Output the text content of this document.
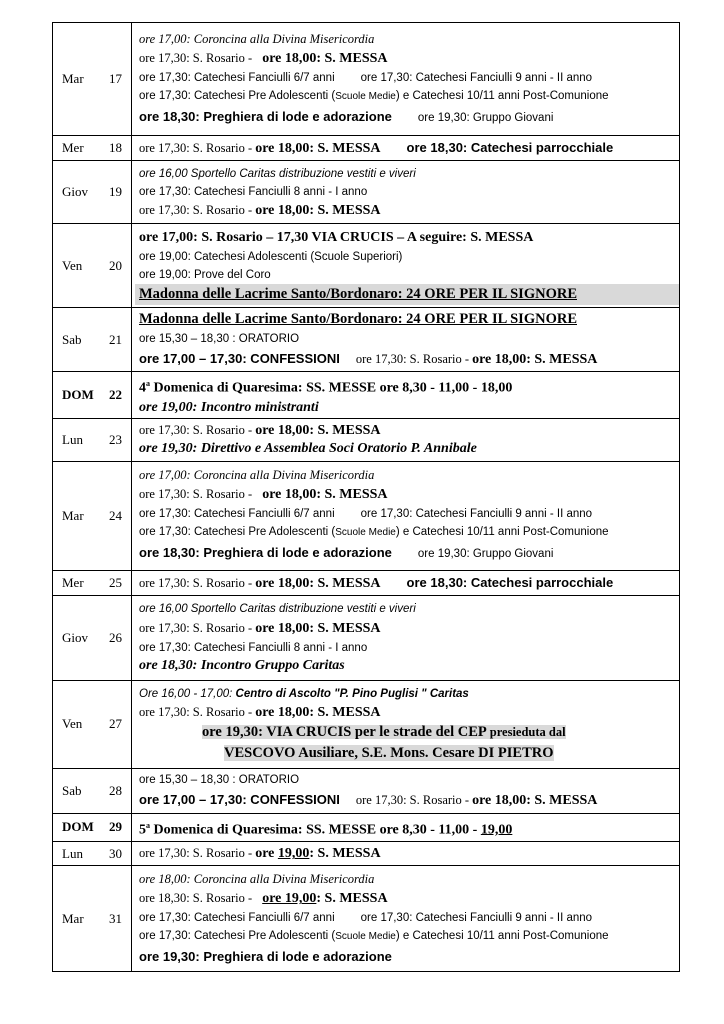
Mar 17	ore 17,00: Coroncina alla Divina Misericordia
ore 17,30: S. Rosario - ore 18,00: S. MESSA
ore 17,30: Catechesi Fanciulli 6/7 anni ore 17,30: Catechesi Fanciulli 9 anni - II anno
ore 17,30: Catechesi Pre Adolescenti (Scuole Medie) e Catechesi 10/11 anni Post-Comunione
ore 18,30: Preghiera di lode e adorazione ore 19,30: Gruppo Giovani

Mer 18	ore 17,30: S. Rosario - ore 18,00: S. MESSA ore 18,30: Catechesi parrocchiale

Giov 19	ore 16,00 Sportello Caritas distribuzione vestiti e viveri
ore 17,30: Catechesi Fanciulli 8 anni - I anno
ore 17,30: S. Rosario - ore 18,00: S. MESSA

Ven 20	ore 17,00: S. Rosario – 17,30 VIA CRUCIS – A seguire: S. MESSA
ore 19,00: Catechesi Adolescenti (Scuole Superiori)
ore 19,00: Prove del Coro
Madonna delle Lacrime Santo/Bordonaro: 24 ORE PER IL SIGNORE

Sab 21	Madonna delle Lacrime Santo/Bordonaro: 24 ORE PER IL SIGNORE
ore 15,30 – 18,30 : ORATORIO
ore 17,00 – 17,30: CONFESSIONI ore 17,30: S. Rosario - ore 18,00: S. MESSA

DOM 22	4$^a$ Domenica di Quaresima: SS. MESSE ore 8,30 - 11,00 - 18,00
ore 19,00: Incontro ministranti

Lun 23	ore 17,30: S. Rosario - ore 18,00: S. MESSA
ore 19,30: Direttivo e Assemblea Soci Oratorio P. Annibale

Mar 24	ore 17,00: Coroncina alla Divina Misericordia
ore 17,30: S. Rosario - ore 18,00: S. MESSA
ore 17,30: Catechesi Fanciulli 6/7 anni ore 17,30: Catechesi Fanciulli 9 anni - II anno
ore 17,30: Catechesi Pre Adolescenti (Scuole Medie) e Catechesi 10/11 anni Post-Comunione
ore 18,30: Preghiera di lode e adorazione ore 19,30: Gruppo Giovani

Mer 25	ore 17,30: S. Rosario - ore 18,00: S. MESSA ore 18,30: Catechesi parrocchiale

Giov 26	ore 16,00 Sportello Caritas distribuzione vestiti e viveri
ore 17,30: S. Rosario - ore 18,00: S. MESSA
ore 17,30: Catechesi Fanciulli 8 anni - I anno
ore 18,30: Incontro Gruppo Caritas

Ven 27	Ore 16,00 - 17,00: Centro di Ascolto "P. Pino Puglisi " Caritas
ore 17,30: S. Rosario - ore 18,00: S. MESSA
ore 19,30: VIA CRUCIS per le strade del CEP presieduta dal
VESCOVO Ausiliare, S.E. Mons. Cesare DI PIETRO

Sab 28	ore 15,30 – 18,30 : ORATORIO
ore 17,00 – 17,30: CONFESSIONI ore 17,30: S. Rosario - ore 18,00: S. MESSA

DOM 29	5$^a$ Domenica di Quaresima: SS. MESSE ore 8,30 - 11,00 - 19,00

Lun 30	ore 17,30: S. Rosario - ore 19,00: S. MESSA

Mar 31	ore 18,00: Coroncina alla Divina Misericordia
ore 18,30: S. Rosario - ore 19,00: S. MESSA
ore 17,30: Catechesi Fanciulli 6/7 anni ore 17,30: Catechesi Fanciulli 9 anni - II anno
ore 17,30: Catechesi Pre Adolescenti (Scuole Medie) e Catechesi 10/11 anni Post-Comunione
ore 19,30: Preghiera di lode e adorazione
